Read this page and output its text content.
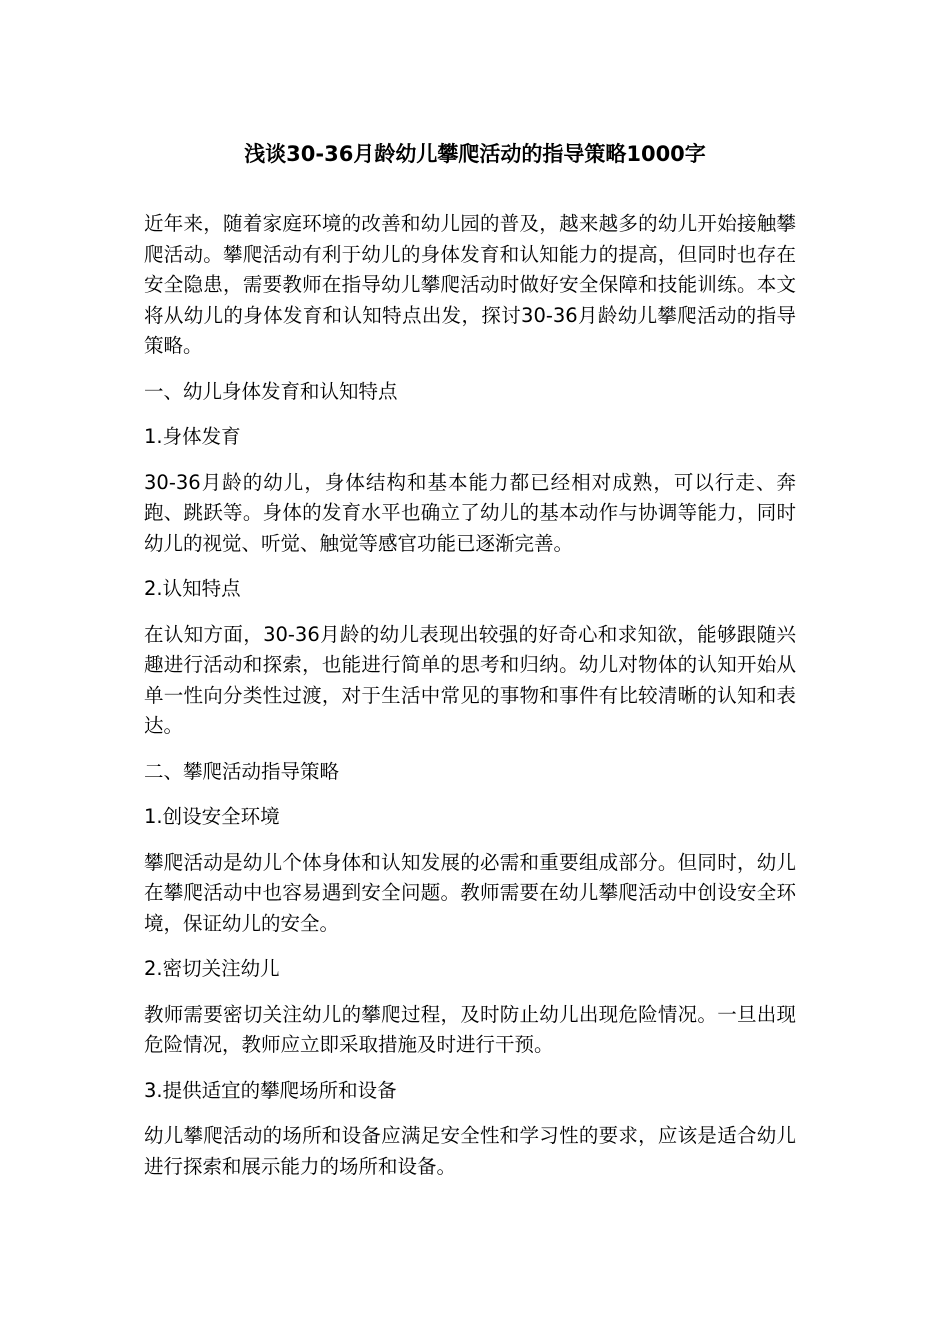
浅谈30-36月龄幼儿攀爬活动的指导策略1000字

近年来，随着家庭环境的改善和幼儿园的普及，越来越多的幼儿开始接触攀爬活动。攀爬活动有利于幼儿的身体发育和认知能力的提高，但同时也存在安全隐患，需要教师在指导幼儿攀爬活动时做好安全保障和技能训练。本文将从幼儿的身体发育和认知特点出发，探讨30-36月龄幼儿攀爬活动的指导策略。

一、幼儿身体发育和认知特点

1.身体发育

30-36月龄的幼儿，身体结构和基本能力都已经相对成熟，可以行走、奔跑、跳跃等。身体的发育水平也确立了幼儿的基本动作与协调等能力，同时幼儿的视觉、听觉、触觉等感官功能已逐渐完善。

2.认知特点

在认知方面，30-36月龄的幼儿表现出较强的好奇心和求知欲，能够跟随兴趣进行活动和探索，也能进行简单的思考和归纳。幼儿对物体的认知开始从单一性向分类性过渡，对于生活中常见的事物和事件有比较清晰的认知和表达。

二、攀爬活动指导策略

1.创设安全环境

攀爬活动是幼儿个体身体和认知发展的必需和重要组成部分。但同时，幼儿在攀爬活动中也容易遇到安全问题。教师需要在幼儿攀爬活动中创设安全环境，保证幼儿的安全。

2.密切关注幼儿

教师需要密切关注幼儿的攀爬过程，及时防止幼儿出现危险情况。一旦出现危险情况，教师应立即采取措施及时进行干预。

3.提供适宜的攀爬场所和设备

幼儿攀爬活动的场所和设备应满足安全性和学习性的要求，应该是适合幼儿进行探索和展示能力的场所和设备。
